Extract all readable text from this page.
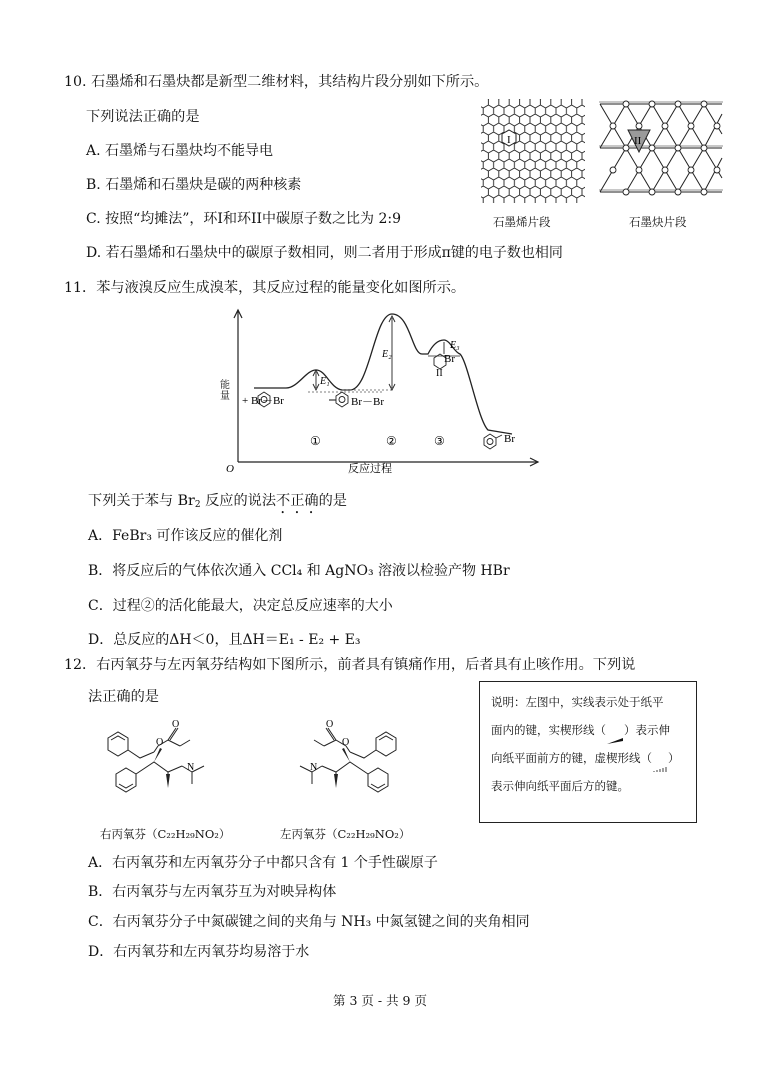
10. 石墨烯和石墨炔都是新型二维材料，其结构片段分别如下所示。
下列说法正确的是
A. 石墨烯与石墨炔均不能导电
B. 石墨烯和石墨炔是碳的两种核素
C. 按照“均摊法”，环I和环II中碳原子数之比为 2:9
D. 若石墨烯和石墨炔中的碳原子数相同，则二者用于形成π键的电子数也相同
I
石墨烯片段
II
石墨炔片段
11．苯与液溴反应生成溴苯，其反应过程的能量变化如图所示。
+ Br－Br	Br－Br
E₁
E₂
E₃
Br
II
Br
①	②	③
O	反应过程
能量
下列关于苯与 $Br_2$ 反应的说法不正确的是
A．FeBr₃ 可作该反应的催化剂
B．将反应后的气体依次通入 CCl₄ 和 AgNO₃ 溶液以检验产物 HBr
C．过程②的活化能最大，决定总反应速率的大小
D．总反应的ΔH＜0，且ΔH＝E₁ - E₂ + E₃
12．右丙氧芬与左丙氧芬结构如下图所示，前者具有镇痛作用，后者具有止咳作用。下列说
法正确的是
O
O
N
右丙氧芬（C₂₂H₂₉NO₂）
O
O
N
左丙氧芬（C₂₂H₂₉NO₂）
说明：左图中，实线表示处于纸平
面内的键，实楔形线（ ）表示伸
向纸平面前方的键，虚楔形线（ ）
表示伸向纸平面后方的键。
A．右丙氧芬和左丙氧芬分子中都只含有 1 个手性碳原子
B．右丙氧芬与左丙氧芬互为对映异构体
C．右丙氧芬分子中氮碳键之间的夹角与 NH₃ 中氮氢键之间的夹角相同
D．右丙氧芬和左丙氧芬均易溶于水
第 3 页 - 共 9 页
